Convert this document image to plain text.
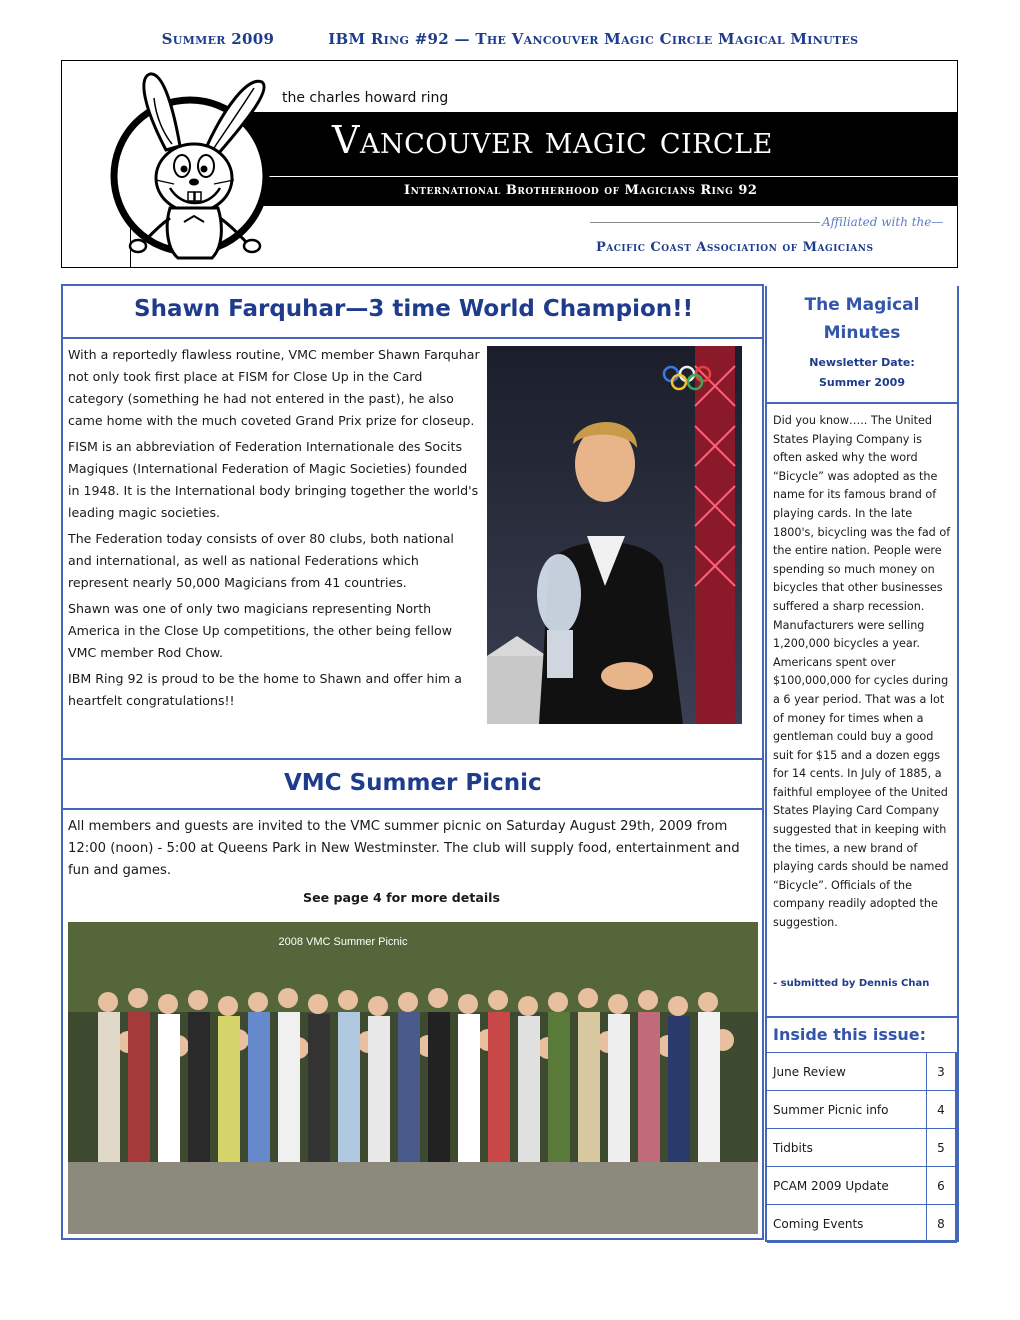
Summer 2009	IBM Ring #92 — The Vancouver Magic Circle Magical Minutes
the charles howard ring
Vancouver magic circle
International Brotherhood of Magicians Ring 92
Affiliated with the—
Pacific Coast Association of Magicians
Shawn Farquhar—3 time World Champion!!

With a reportedly flawless routine, VMC member Shawn Farquhar not only took first place at FISM for Close Up in the Card category (something he had not entered in the past), he also came home with the much coveted Grand Prix prize for closeup.

FISM is an abbreviation of Federation Internationale des Socits Magiques (International Federation of Magic Societies) founded in 1948. It is the International body bringing together the world's leading magic societies.

The Federation today consists of over 80 clubs, both national and international, as well as national Federations which represent nearly 50,000 Magicians from 41 countries.

Shawn was one of only two magicians representing North America in the Close Up competitions, the other being fellow VMC member Rod Chow.

IBM Ring 92 is proud to be the home to Shawn and offer him a heartfelt congratulations!!

VMC Summer Picnic
All members and guests are invited to the VMC summer picnic on Saturday August 29th, 2009 from 12:00 (noon) - 5:00 at Queens Park in New Westminster. The club will supply food, entertainment and fun and games.
See page 4 for more details
2008 VMC Summer Picnic
The Magical
Minutes
Newsletter Date:
Summer 2009
Did you know….. The United States Playing Company is often asked why the word “Bicycle” was adopted as the name for its famous brand of playing cards. In the late 1800's, bicycling was the fad of the entire nation. People were spending so much money on bicycles that other businesses suffered a sharp recession. Manufacturers were selling 1,200,000 bicycles a year. Americans spent over $100,000,000 for cycles during a 6 year period. That was a lot of money for times when a gentleman could buy a good suit for $15 and a dozen eggs for 14 cents. In July of 1885, a faithful employee of the United States Playing Card Company suggested that in keeping with the times, a new brand of playing cards should be named “Bicycle”. Officials of the company readily adopted the suggestion.
- submitted by Dennis Chan
Inside this issue:
June Review	3
Summer Picnic info	4
Tidbits	5
PCAM 2009 Update	6
Coming Events	8
